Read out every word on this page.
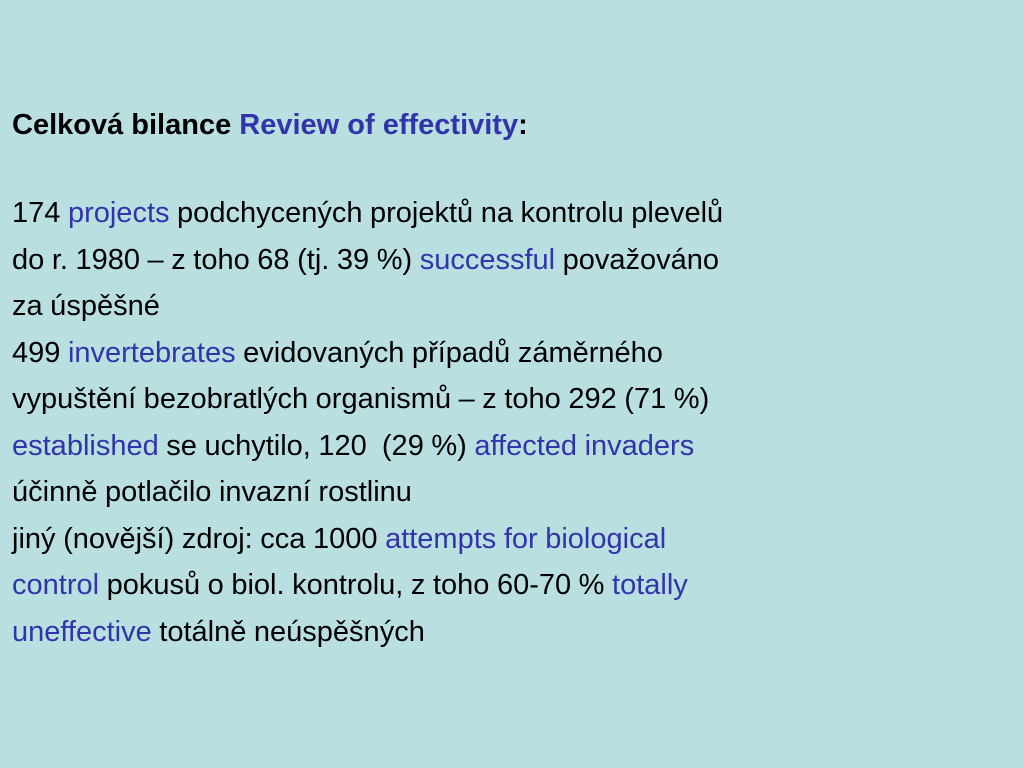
Celková bilance Review of effectivity:

174 projects podchycených projektů na kontrolu plevelů
do r. 1980 – z toho 68 (tj. 39 %) successful považováno
za úspěšné
499 invertebrates evidovaných případů záměrného
vypuštění bezobratlých organismů – z toho 292 (71 %)
established se uchytilo, 120  (29 %) affected invaders
účinně potlačilo invazní rostlinu
jiný (novější) zdroj: cca 1000 attempts for biological
control pokusů o biol. kontrolu, z toho 60-70 % totally
uneffective totálně neúspěšných
